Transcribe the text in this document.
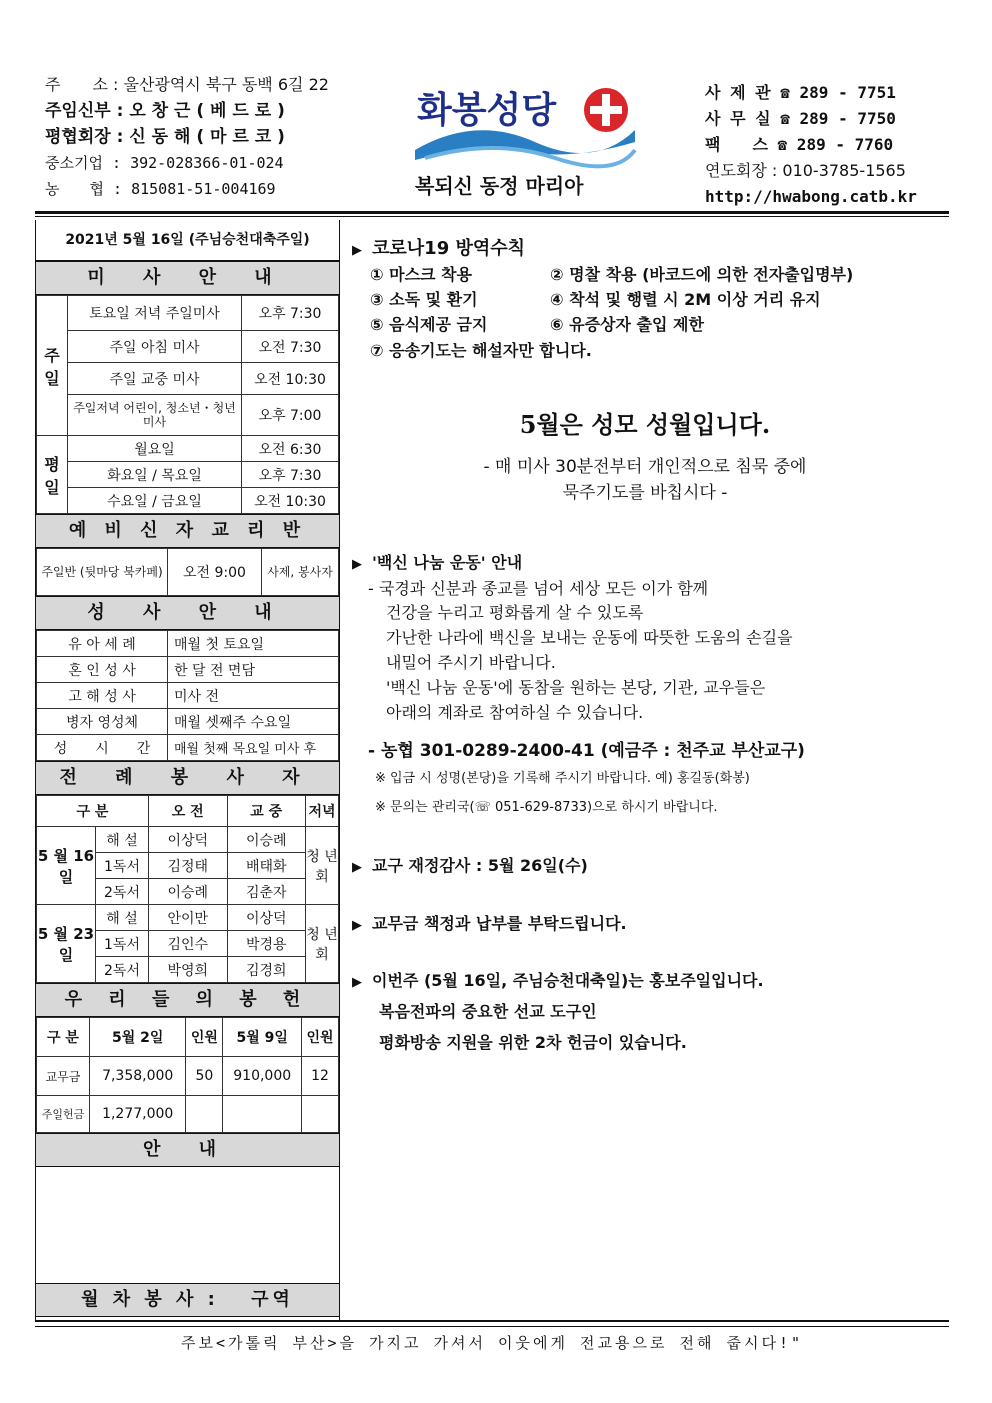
주　　소 : 울산광역시 북구 동백 6길 22
주임신부 : 오 창 근 ( 베 드 로 )
평협회장 : 신 동 해 ( 마 르 코 )
중소기업 : 392-028366-01-024
농　　협 : 815081-51-004169
화봉성당
복되신 동정 마리아
사 제 관 ☎ 289 - 7751
사 무 실 ☎ 289 - 7750
팩　　스 ☎ 289 - 7760
연도회장 : 010-3785-1565
http://hwabong.catb.kr
2021년 5월 16일 (주님승천대축주일)
미 사 안 내
주일	토요일 저녁 주일미사	오후 7:30
	주일 아침 미사	오전 7:30
	주일 교중 미사	오전 10:30
	주일저녁 어린이, 청소년・청년미사	오후 7:00
평일	월요일	오전 6:30
	화요일 / 목요일	오후 7:30
	수요일 / 금요일	오전 10:30
예 비 신 자 교 리 반
주일반 (뒷마당 북카페)	오전 9:00	사제, 봉사자
성 사 안 내
유 아 세 례	매월 첫 토요일
혼 인 성 사	한 달 전 면담
고 해 성 사	미사 전
병자 영성체	매월 셋째주 수요일
성　　시　　간	매월 첫째 목요일 미사 후
전 례 봉 사 자
구 분		오 전	교 중	저녁
5 월 16 일	해 설	이상덕	이승례	청 년 회
	1독서	김정태	배태화	
	2독서	이승례	김춘자	
5 월 23 일	해 설	안이만	이상덕	청 년 회
	1독서	김인수	박경용	
	2독서	박영희	김경희	
우 리 들 의 봉 헌
구 분	5월 2일	인원	5월 9일	인원
교무금	7,358,000	50	910,000	12
주일헌금	1,277,000			
안 내
월 차 봉 사 :　 구역
▶ 코로나19 방역수칙
① 마스크 착용	② 명찰 착용 (바코드에 의한 전자출입명부)
③ 소독 및 환기	④ 착석 및 행렬 시 2M 이상 거리 유지
⑤ 음식제공 금지	⑥ 유증상자 출입 제한
⑦ 응송기도는 해설자만 합니다.
5월은 성모 성월입니다.
- 매 미사 30분전부터 개인적으로 침묵 중에
묵주기도를 바칩시다 -
▶ '백신 나눔 운동' 안내
- 국경과 신분과 종교를 넘어 세상 모든 이가 함께
건강을 누리고 평화롭게 살 수 있도록
가난한 나라에 백신을 보내는 운동에 따뜻한 도움의 손길을
내밀어 주시기 바랍니다.
'백신 나눔 운동'에 동참을 원하는 본당, 기관, 교우들은
아래의 계좌로 참여하실 수 있습니다.
- 농협 301-0289-2400-41 (예금주 : 천주교 부산교구)
※ 입금 시 성명(본당)을 기록해 주시기 바랍니다. 예) 홍길동(화봉)
※ 문의는 관리국(☏ 051-629-8733)으로 하시기 바랍니다.
▶ 교구 재정감사 : 5월 26일(수)
▶ 교무금 책정과 납부를 부탁드립니다.
▶ 이번주 (5월 16일, 주님승천대축일)는 홍보주일입니다.
복음전파의 중요한 선교 도구인
평화방송 지원을 위한 2차 헌금이 있습니다.
주보<가톨릭 부산>을 가지고 가셔서 이웃에게 전교용으로 전해 줍시다!"
